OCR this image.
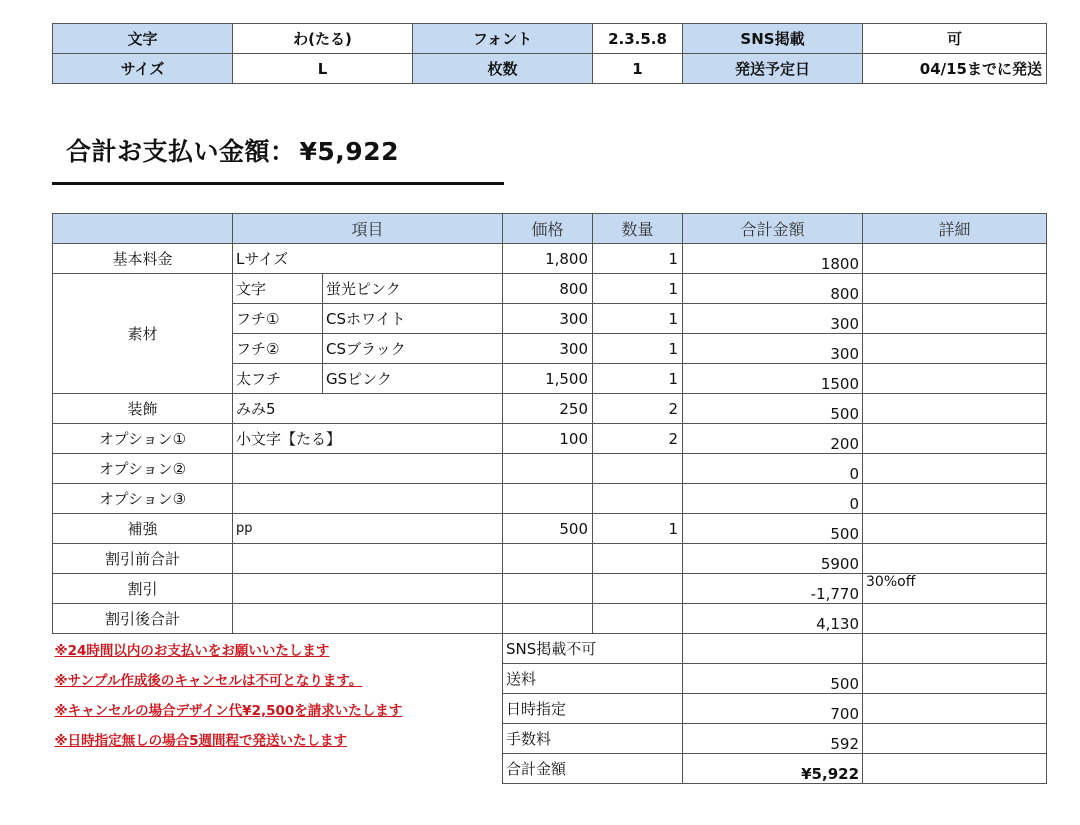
文字	わ(たる)	フォント	2.3.5.8	SNS掲載	可
サイズ	L	枚数	1	発送予定日	04/15までに発送
合計お支払い金額： ¥5,922
	項目		価格	数量	合計金額	詳細
基本料金	Lサイズ		1,800	1	1800	
素材	文字	蛍光ピンク	800	1	800	
	フチ①	CSホワイト	300	1	300	
	フチ②	CSブラック	300	1	300	
	太フチ	GSピンク	1,500	1	1500	
装飾	みみ5		250	2	500	
オプション①	小文字【たる】		100	2	200	
オプション②					0	
オプション③					0	
補強	pp		500	1	500	
割引前合計					5900	
割引					-1,770	30%off
割引後合計					4,130	
※24時間以内のお支払いをお願いいたします			SNS掲載不可			
※サンプル作成後のキャンセルは不可となります。			送料		500	
※キャンセルの場合デザイン代¥2,500を請求いたします			日時指定		700	
※日時指定無しの場合5週間程で発送いたします			手数料		592	
			合計金額		¥5,922	
